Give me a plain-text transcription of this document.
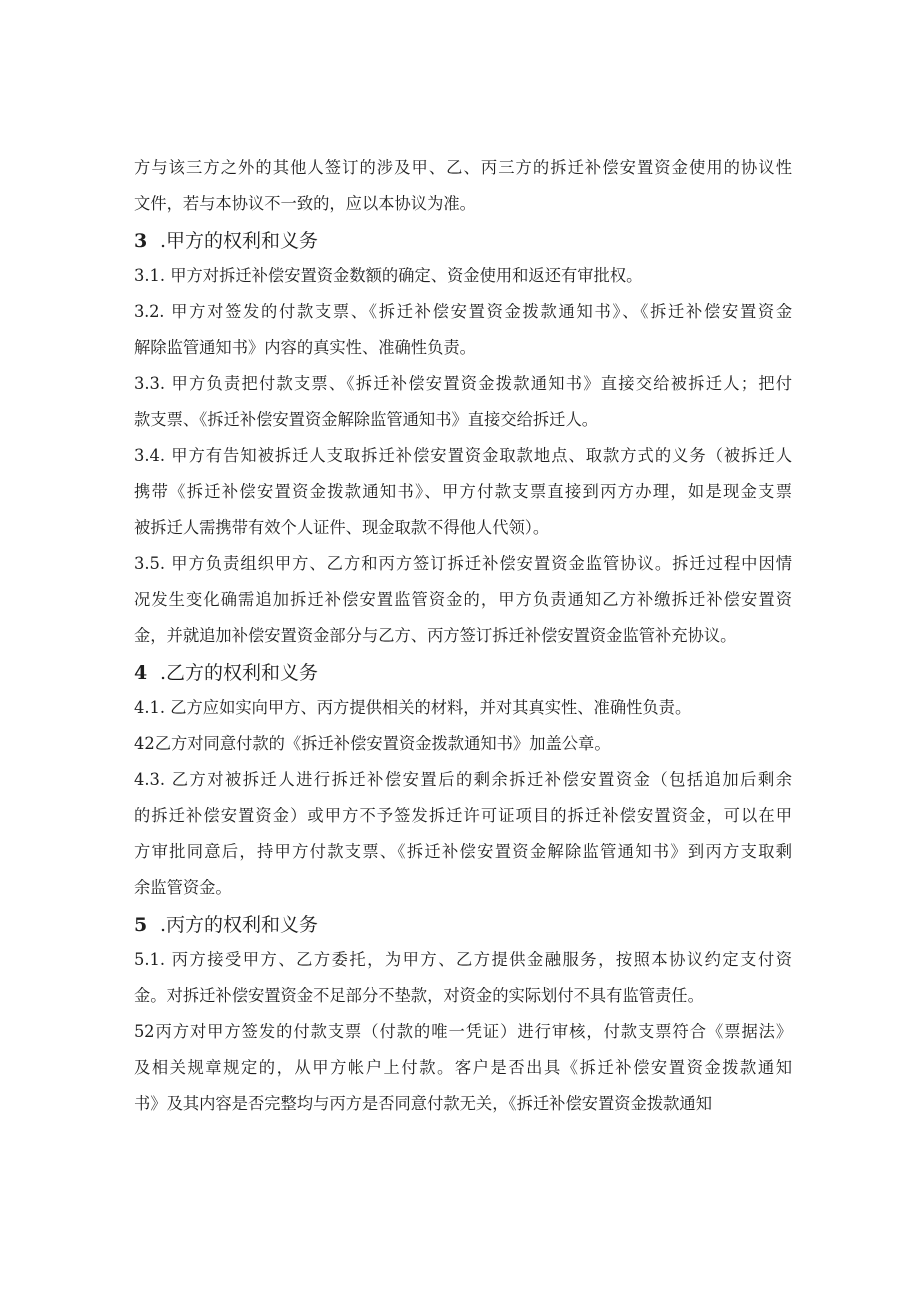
方与该三方之外的其他人签订的涉及甲、乙、丙三方的拆迁补偿安置资金使用的协议性
文件，若与本协议不一致的，应以本协议为准。

3 .甲方的权利和义务

3.1. 甲方对拆迁补偿安置资金数额的确定、资金使用和返还有审批权。

3.2. 甲方对签发的付款支票、《拆迁补偿安置资金拨款通知书》、《拆迁补偿安置资金
解除监管通知书》内容的真实性、准确性负责。

3.3. 甲方负责把付款支票、《拆迁补偿安置资金拨款通知书》直接交给被拆迁人；把付
款支票、《拆迁补偿安置资金解除监管通知书》直接交给拆迁人。

3.4. 甲方有告知被拆迁人支取拆迁补偿安置资金取款地点、取款方式的义务（被拆迁人
携带《拆迁补偿安置资金拨款通知书》、甲方付款支票直接到丙方办理，如是现金支票
被拆迁人需携带有效个人证件、现金取款不得他人代领）。

3.5. 甲方负责组织甲方、乙方和丙方签订拆迁补偿安置资金监管协议。拆迁过程中因情
况发生变化确需追加拆迁补偿安置监管资金的，甲方负责通知乙方补缴拆迁补偿安置资
金，并就追加补偿安置资金部分与乙方、丙方签订拆迁补偿安置资金监管补充协议。

4 .乙方的权利和义务

4.1. 乙方应如实向甲方、丙方提供相关的材料，并对其真实性、准确性负责。

42乙方对同意付款的《拆迁补偿安置资金拨款通知书》加盖公章。

4.3. 乙方对被拆迁人进行拆迁补偿安置后的剩余拆迁补偿安置资金（包括追加后剩余
的拆迁补偿安置资金）或甲方不予签发拆迁许可证项目的拆迁补偿安置资金，可以在甲
方审批同意后，持甲方付款支票、《拆迁补偿安置资金解除监管通知书》到丙方支取剩
余监管资金。

5 .丙方的权利和义务

5.1. 丙方接受甲方、乙方委托，为甲方、乙方提供金融服务，按照本协议约定支付资
金。对拆迁补偿安置资金不足部分不垫款，对资金的实际划付不具有监管责任。

52丙方对甲方签发的付款支票（付款的唯一凭证）进行审核，付款支票符合《票据法》
及相关规章规定的，从甲方帐户上付款。客户是否出具《拆迁补偿安置资金拨款通知
书》及其内容是否完整均与丙方是否同意付款无关，《拆迁补偿安置资金拨款通知
